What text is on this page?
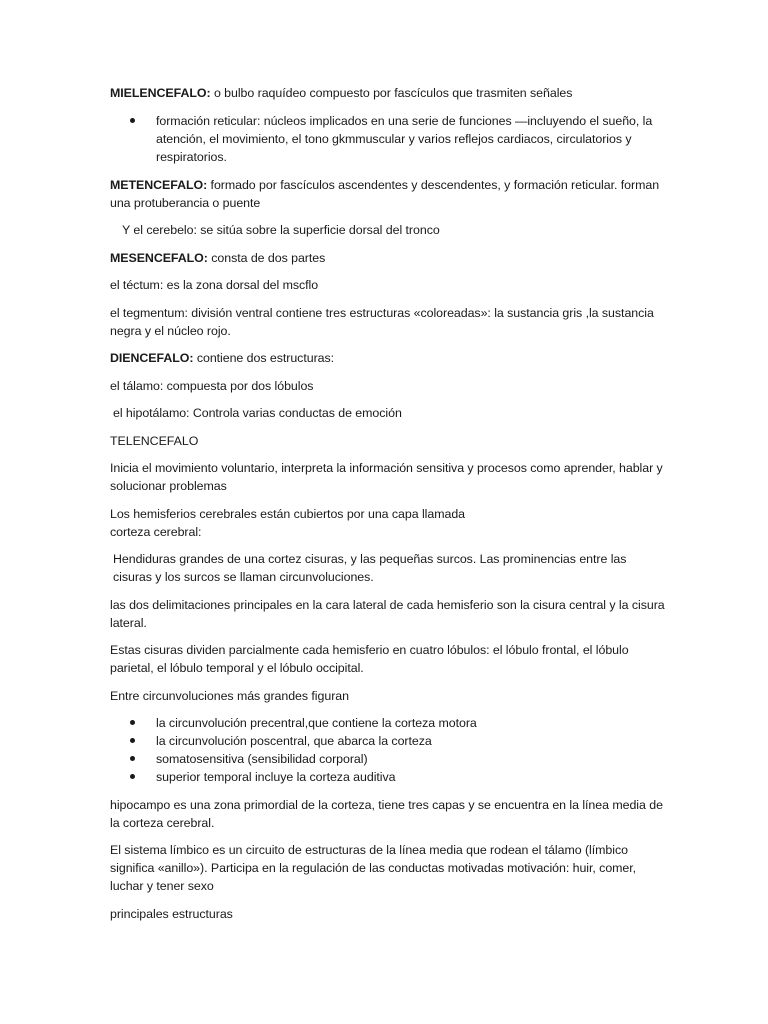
MIELENCEFALO: o bulbo raquídeo compuesto por fascículos que trasmiten señales

formación reticular: núcleos implicados en una serie de funciones —incluyendo el sueño, la atención, el movimiento, el tono gkmmuscular y varios reflejos cardiacos, circulatorios y respiratorios.

METENCEFALO: formado por fascículos ascendentes y descendentes, y formación reticular. forman una protuberancia o puente

Y el cerebelo: se sitúa sobre la superficie dorsal del tronco

MESENCEFALO: consta de dos partes

el téctum: es la zona dorsal del mscflo

el tegmentum: división ventral contiene tres estructuras «coloreadas»: la sustancia gris ,la sustancia negra y el núcleo rojo.

DIENCEFALO: contiene dos estructuras:

el tálamo: compuesta por dos lóbulos

el hipotálamo: Controla varias conductas de emoción

TELENCEFALO

Inicia el movimiento voluntario, interpreta la información sensitiva y procesos como aprender, hablar y solucionar problemas

Los hemisferios cerebrales están cubiertos por una capa llamada
corteza cerebral:

Hendiduras grandes de una cortez cisuras, y las pequeñas surcos. Las prominencias entre las cisuras y los surcos se llaman circunvoluciones.

las dos delimitaciones principales en la cara lateral de cada hemisferio son la cisura central y la cisura lateral.

Estas cisuras dividen parcialmente cada hemisferio en cuatro lóbulos: el lóbulo frontal, el lóbulo parietal, el lóbulo temporal y el lóbulo occipital.

Entre circunvoluciones más grandes figuran

la circunvolución precentral,que contiene la corteza motora
la circunvolución poscentral, que abarca la corteza
somatosensitiva (sensibilidad corporal)
superior temporal incluye la corteza auditiva

hipocampo es una zona primordial de la corteza, tiene tres capas y se encuentra en la línea media de la corteza cerebral.

El sistema límbico es un circuito de estructuras de la línea media que rodean el tálamo (límbico significa «anillo»). Participa en la regulación de las conductas motivadas motivación: huir, comer, luchar y tener sexo

principales estructuras
